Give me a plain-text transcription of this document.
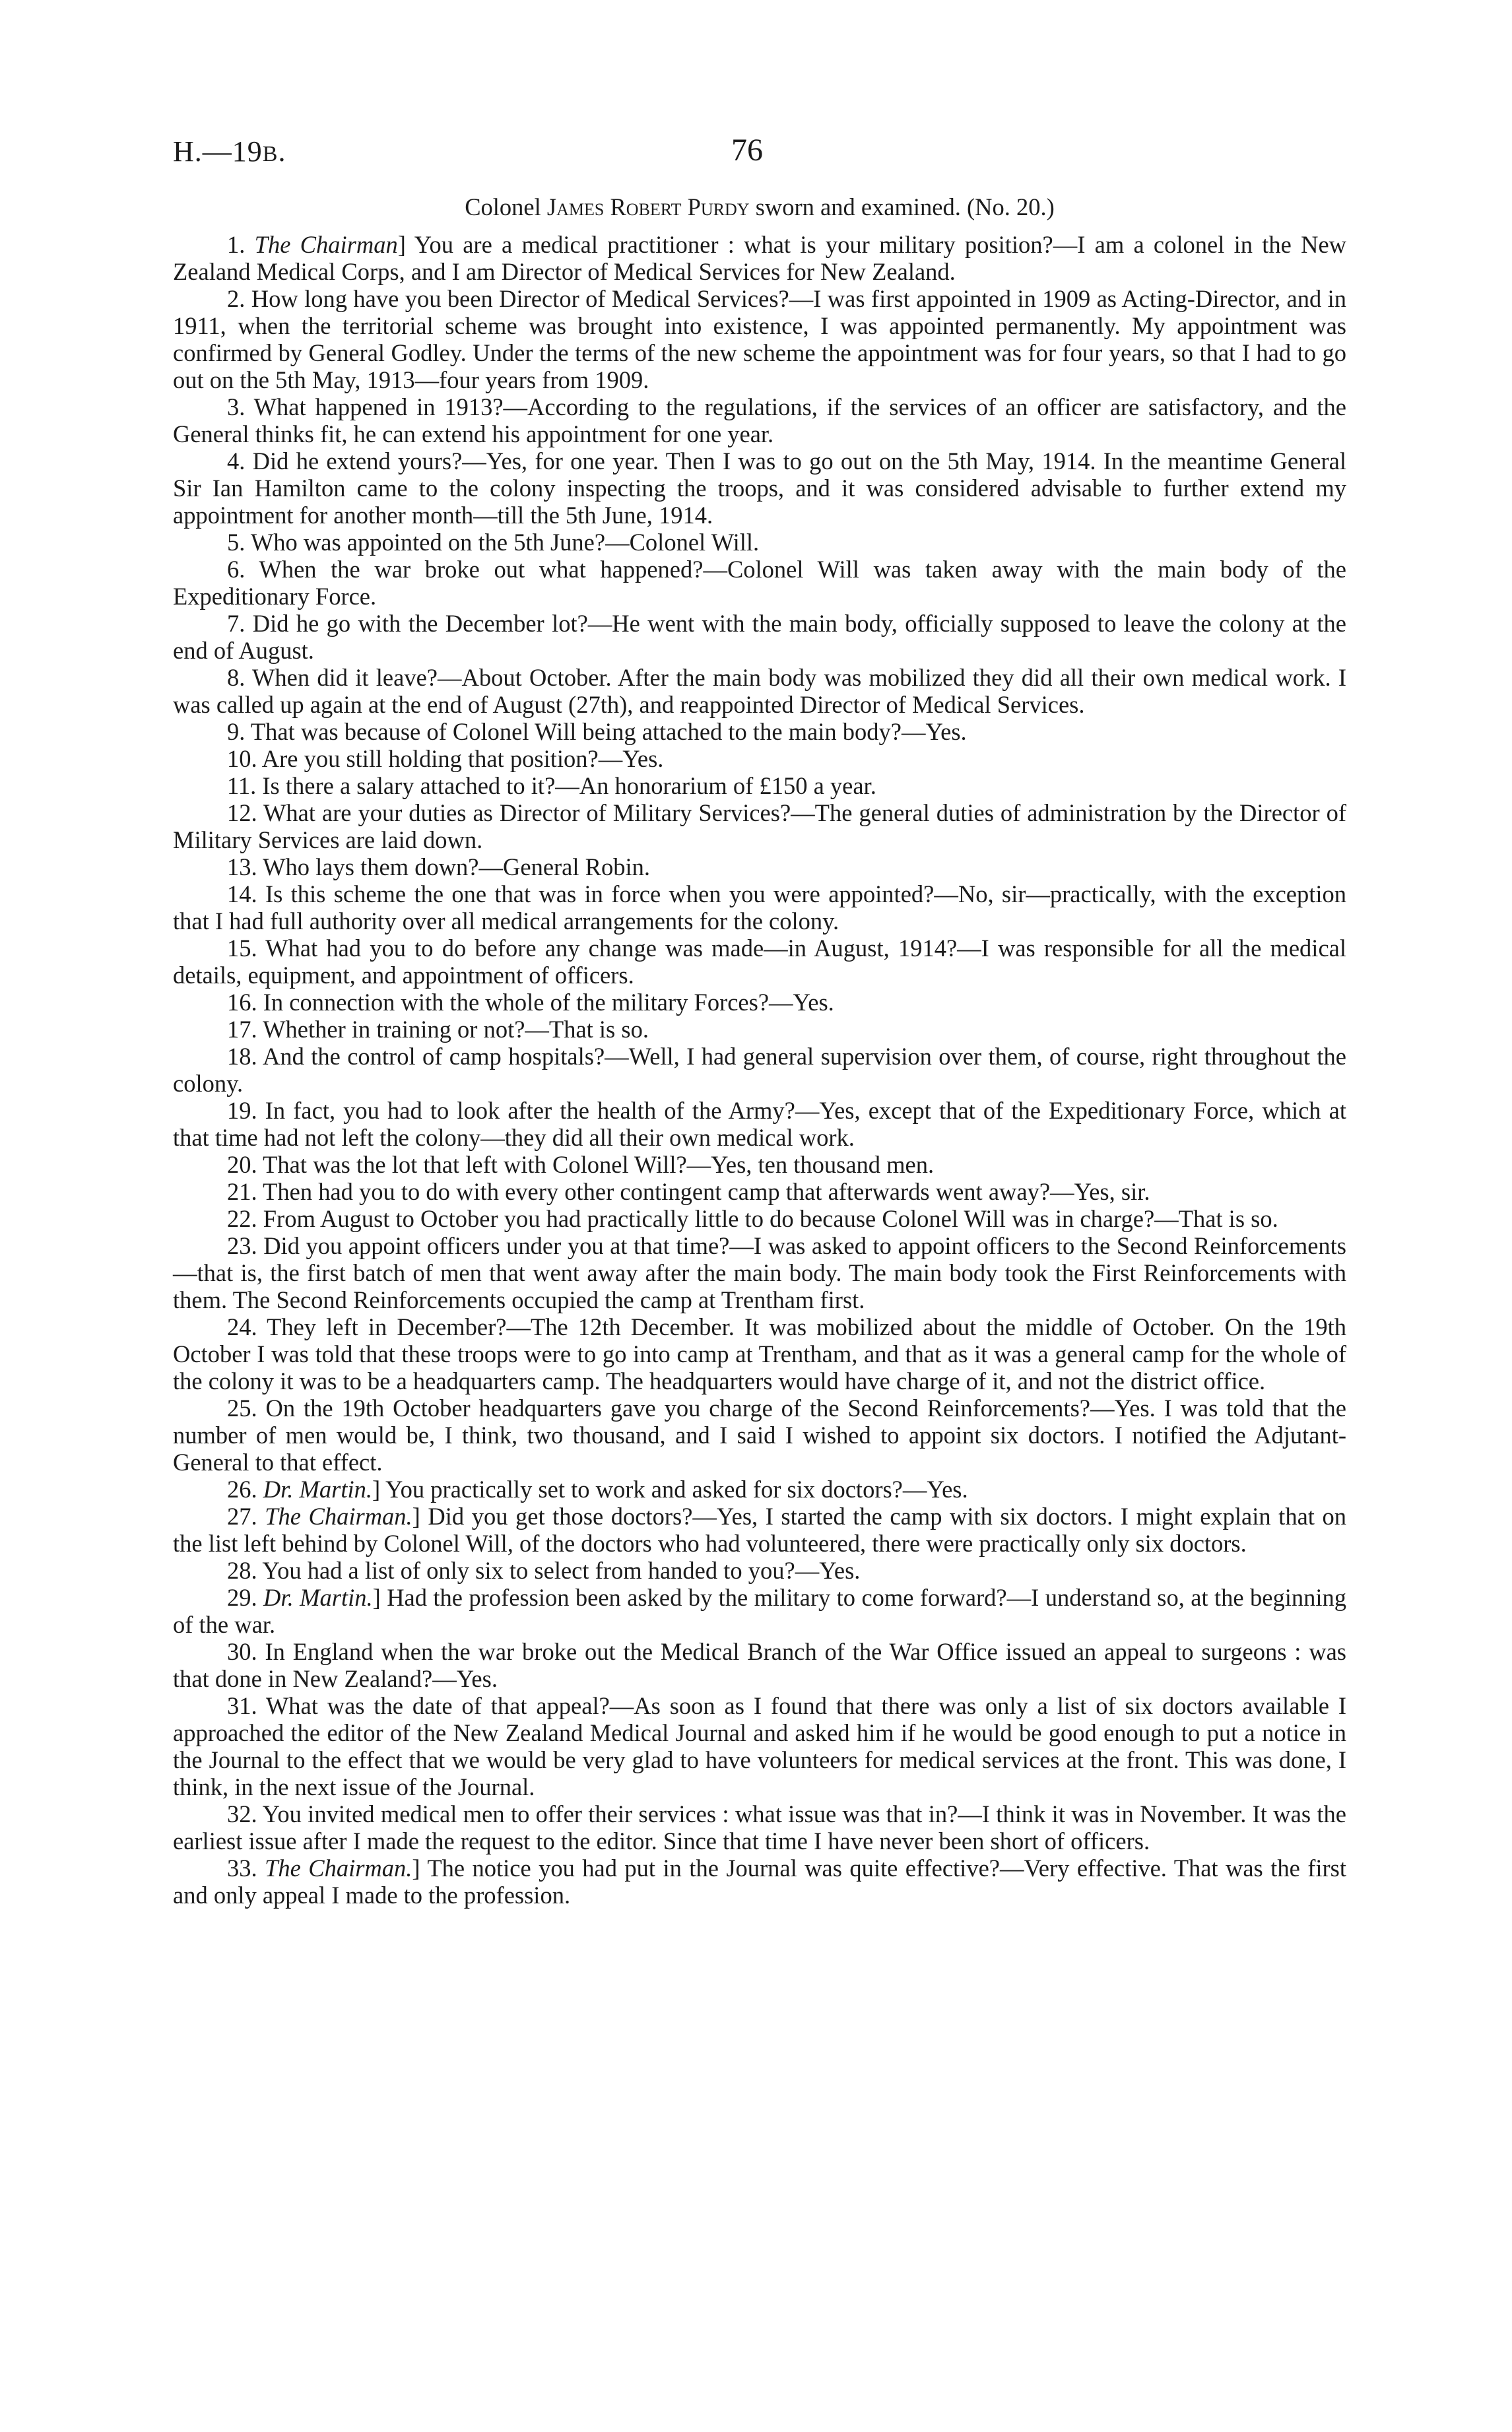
H.—19B.	76
Colonel James Robert Purdy sworn and examined. (No. 20.)

1. The Chairman] You are a medical practitioner : what is your military position?—I am a colonel in the New Zealand Medical Corps, and I am Director of Medical Services for New Zealand.

2. How long have you been Director of Medical Services?—I was first appointed in 1909 as Acting-Director, and in 1911, when the territorial scheme was brought into existence, I was appointed permanently. My appointment was confirmed by General Godley. Under the terms of the new scheme the appointment was for four years, so that I had to go out on the 5th May, 1913—four years from 1909.

3. What happened in 1913?—According to the regulations, if the services of an officer are satisfactory, and the General thinks fit, he can extend his appointment for one year.

4. Did he extend yours?—Yes, for one year. Then I was to go out on the 5th May, 1914. In the meantime General Sir Ian Hamilton came to the colony inspecting the troops, and it was considered advisable to further extend my appointment for another month—till the 5th June, 1914.

5. Who was appointed on the 5th June?—Colonel Will.

6. When the war broke out what happened?—Colonel Will was taken away with the main body of the Expeditionary Force.

7. Did he go with the December lot?—He went with the main body, officially supposed to leave the colony at the end of August.

8. When did it leave?—About October. After the main body was mobilized they did all their own medical work. I was called up again at the end of August (27th), and reappointed Director of Medical Services.

9. That was because of Colonel Will being attached to the main body?—Yes.

10. Are you still holding that position?—Yes.

11. Is there a salary attached to it?—An honorarium of £150 a year.

12. What are your duties as Director of Military Services?—The general duties of administration by the Director of Military Services are laid down.

13. Who lays them down?—General Robin.

14. Is this scheme the one that was in force when you were appointed?—No, sir—practically, with the exception that I had full authority over all medical arrangements for the colony.

15. What had you to do before any change was made—in August, 1914?—I was responsible for all the medical details, equipment, and appointment of officers.

16. In connection with the whole of the military Forces?—Yes.

17. Whether in training or not?—That is so.

18. And the control of camp hospitals?—Well, I had general supervision over them, of course, right throughout the colony.

19. In fact, you had to look after the health of the Army?—Yes, except that of the Expeditionary Force, which at that time had not left the colony—they did all their own medical work.

20. That was the lot that left with Colonel Will?—Yes, ten thousand men.

21. Then had you to do with every other contingent camp that afterwards went away?—Yes, sir.

22. From August to October you had practically little to do because Colonel Will was in charge?—That is so.

23. Did you appoint officers under you at that time?—I was asked to appoint officers to the Second Reinforcements—that is, the first batch of men that went away after the main body. The main body took the First Reinforcements with them. The Second Reinforcements occupied the camp at Trentham first.

24. They left in December?—The 12th December. It was mobilized about the middle of October. On the 19th October I was told that these troops were to go into camp at Trentham, and that as it was a general camp for the whole of the colony it was to be a headquarters camp. The headquarters would have charge of it, and not the district office.

25. On the 19th October headquarters gave you charge of the Second Reinforcements?—Yes. I was told that the number of men would be, I think, two thousand, and I said I wished to appoint six doctors. I notified the Adjutant-General to that effect.

26. Dr. Martin.] You practically set to work and asked for six doctors?—Yes.

27. The Chairman.] Did you get those doctors?—Yes, I started the camp with six doctors. I might explain that on the list left behind by Colonel Will, of the doctors who had volunteered, there were practically only six doctors.

28. You had a list of only six to select from handed to you?—Yes.

29. Dr. Martin.] Had the profession been asked by the military to come forward?—I understand so, at the beginning of the war.

30. In England when the war broke out the Medical Branch of the War Office issued an appeal to surgeons : was that done in New Zealand?—Yes.

31. What was the date of that appeal?—As soon as I found that there was only a list of six doctors available I approached the editor of the New Zealand Medical Journal and asked him if he would be good enough to put a notice in the Journal to the effect that we would be very glad to have volunteers for medical services at the front. This was done, I think, in the next issue of the Journal.

32. You invited medical men to offer their services : what issue was that in?—I think it was in November. It was the earliest issue after I made the request to the editor. Since that time I have never been short of officers.

33. The Chairman.] The notice you had put in the Journal was quite effective?—Very effective. That was the first and only appeal I made to the profession.
